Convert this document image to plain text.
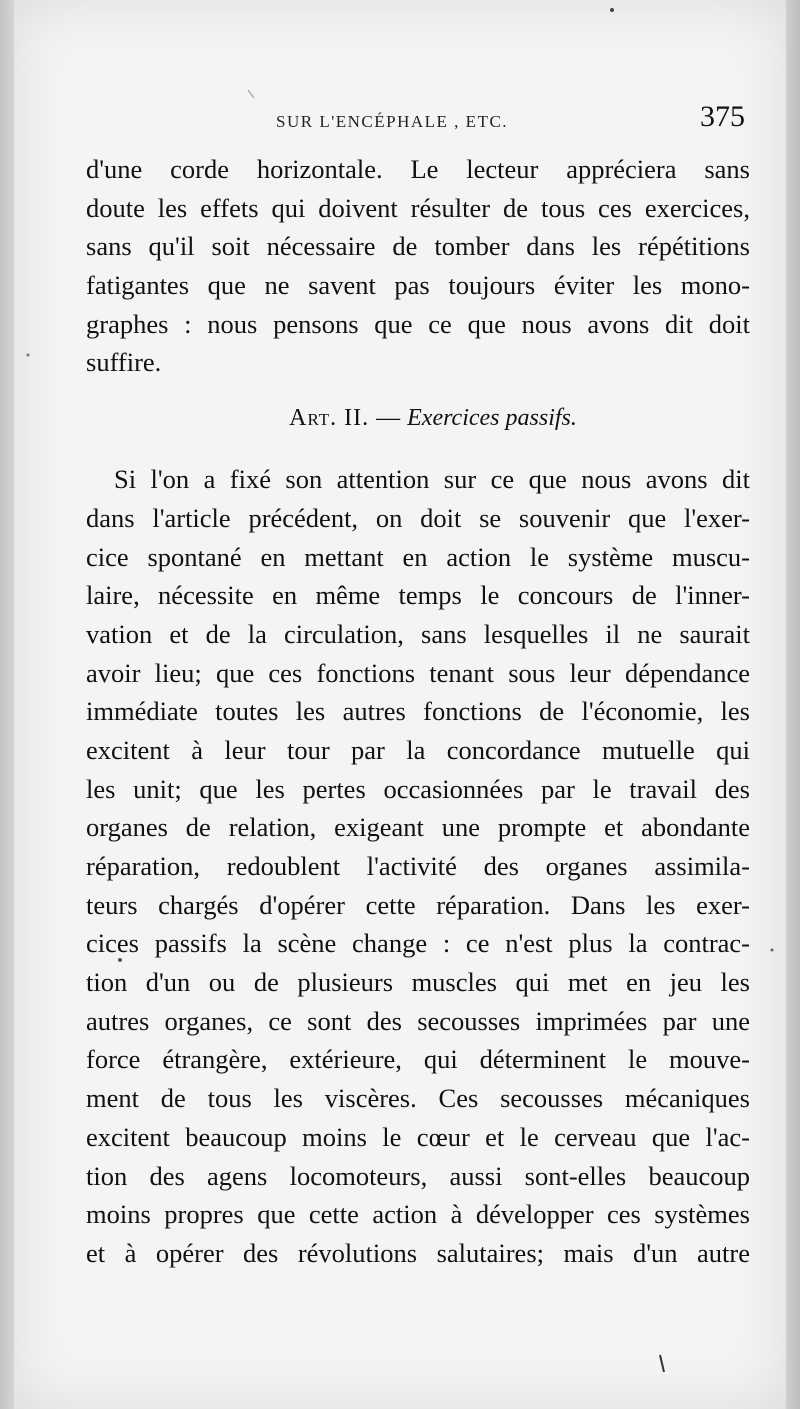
SUR L'ENCÉPHALE , ETC.	375
d'une corde horizontale. Le lecteur appréciera sans
doute les effets qui doivent résulter de tous ces exercices,
sans qu'il soit nécessaire de tomber dans les répétitions
fatigantes que ne savent pas toujours éviter les mono-
graphes : nous pensons que ce que nous avons dit doit
suffire.
Art. II. — Exercices passifs.
Si l'on a fixé son attention sur ce que nous avons dit
dans l'article précédent, on doit se souvenir que l'exer-
cice spontané en mettant en action le système muscu-
laire, nécessite en même temps le concours de l'inner-
vation et de la circulation, sans lesquelles il ne saurait
avoir lieu; que ces fonctions tenant sous leur dépendance
immédiate toutes les autres fonctions de l'économie, les
excitent à leur tour par la concordance mutuelle qui
les unit; que les pertes occasionnées par le travail des
organes de relation, exigeant une prompte et abondante
réparation, redoublent l'activité des organes assimila-
teurs chargés d'opérer cette réparation. Dans les exer-
cices passifs la scène change : ce n'est plus la contrac-
tion d'un ou de plusieurs muscles qui met en jeu les
autres organes, ce sont des secousses imprimées par une
force étrangère, extérieure, qui déterminent le mouve-
ment de tous les viscères. Ces secousses mécaniques
excitent beaucoup moins le cœur et le cerveau que l'ac-
tion des agens locomoteurs, aussi sont-elles beaucoup
moins propres que cette action à développer ces systèmes
et à opérer des révolutions salutaires; mais d'un autre
